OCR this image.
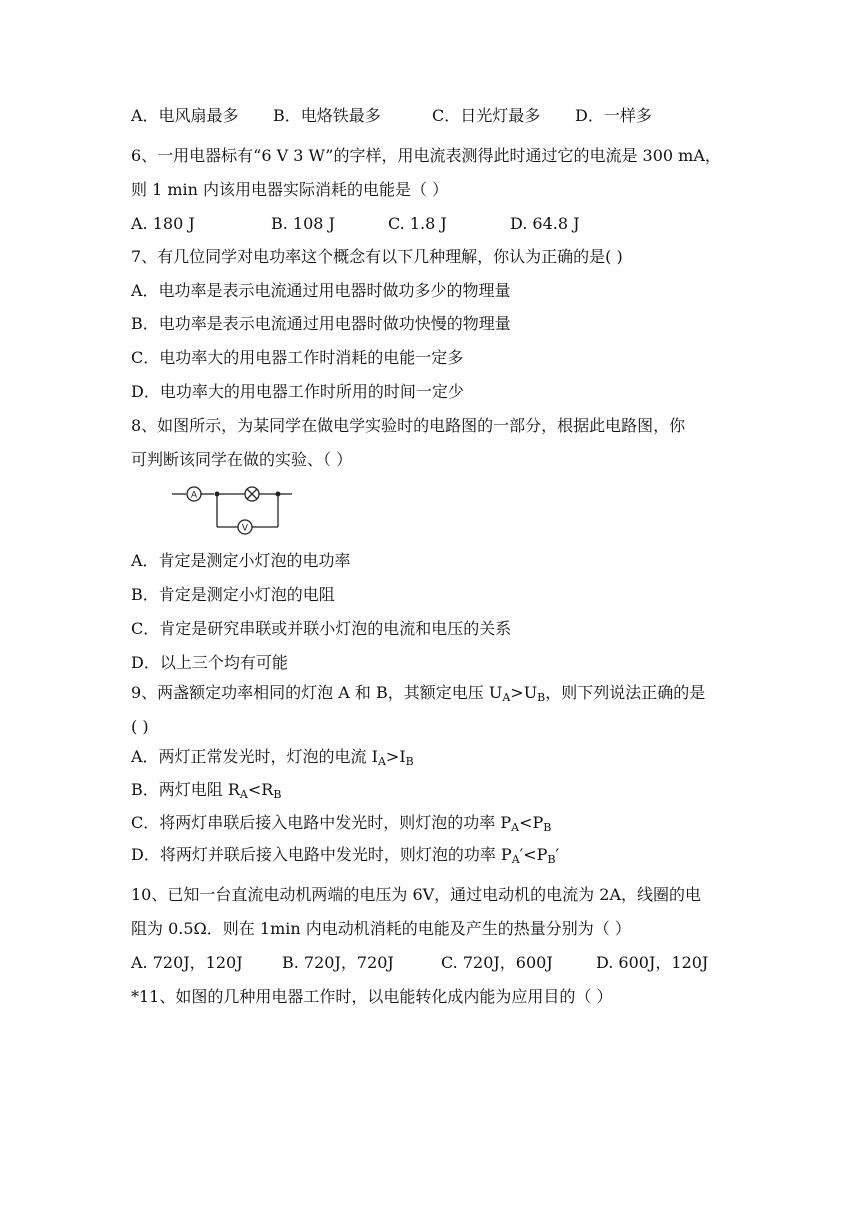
A．电风扇最多 B．电烙铁最多	C．日光灯最多 D．一样多
6、一用电器标有“6 V 3 W”的字样，用电流表测得此时通过它的电流是 300 mA，
则 1 min 内该用电器实际消耗的电能是（ ）
A. 180 J	B. 108 J	C. 1.8 J	D. 64.8 J
7、有几位同学对电功率这个概念有以下几种理解，你认为正确的是( )
A．电功率是表示电流通过用电器时做功多少的物理量
B．电功率是表示电流通过用电器时做功快慢的物理量
C．电功率大的用电器工作时消耗的电能一定多
D．电功率大的用电器工作时所用的时间一定少
8、如图所示，为某同学在做电学实验时的电路图的一部分，根据此电路图，你
可判断该同学在做的实验、（ ）
A
V
A．肯定是测定小灯泡的电功率
B．肯定是测定小灯泡的电阻
C．肯定是研究串联或并联小灯泡的电流和电压的关系
D．以上三个均有可能
9、两盏额定功率相同的灯泡 A 和 B，其额定电压 $U_A>U_B$，则下列说法正确的是
( )
A．两灯正常发光时，灯泡的电流 $I_A>I_B$
B．两灯电阻 $R_A<R_B$
C．将两灯串联后接入电路中发光时，则灯泡的功率 $P_A<P_B$
D．将两灯并联后接入电路中发光时，则灯泡的功率 $P_A'<P_B'$
10、已知一台直流电动机两端的电压为 6V，通过电动机的电流为 2A，线圈的电
阻为 0.5Ω．则在 1min 内电动机消耗的电能及产生的热量分别为（ ）
A. 720J，120J B. 720J，720J	C. 720J，600J	D. 600J，120J
*11、如图的几种用电器工作时，以电能转化成内能为应用目的（ ）
